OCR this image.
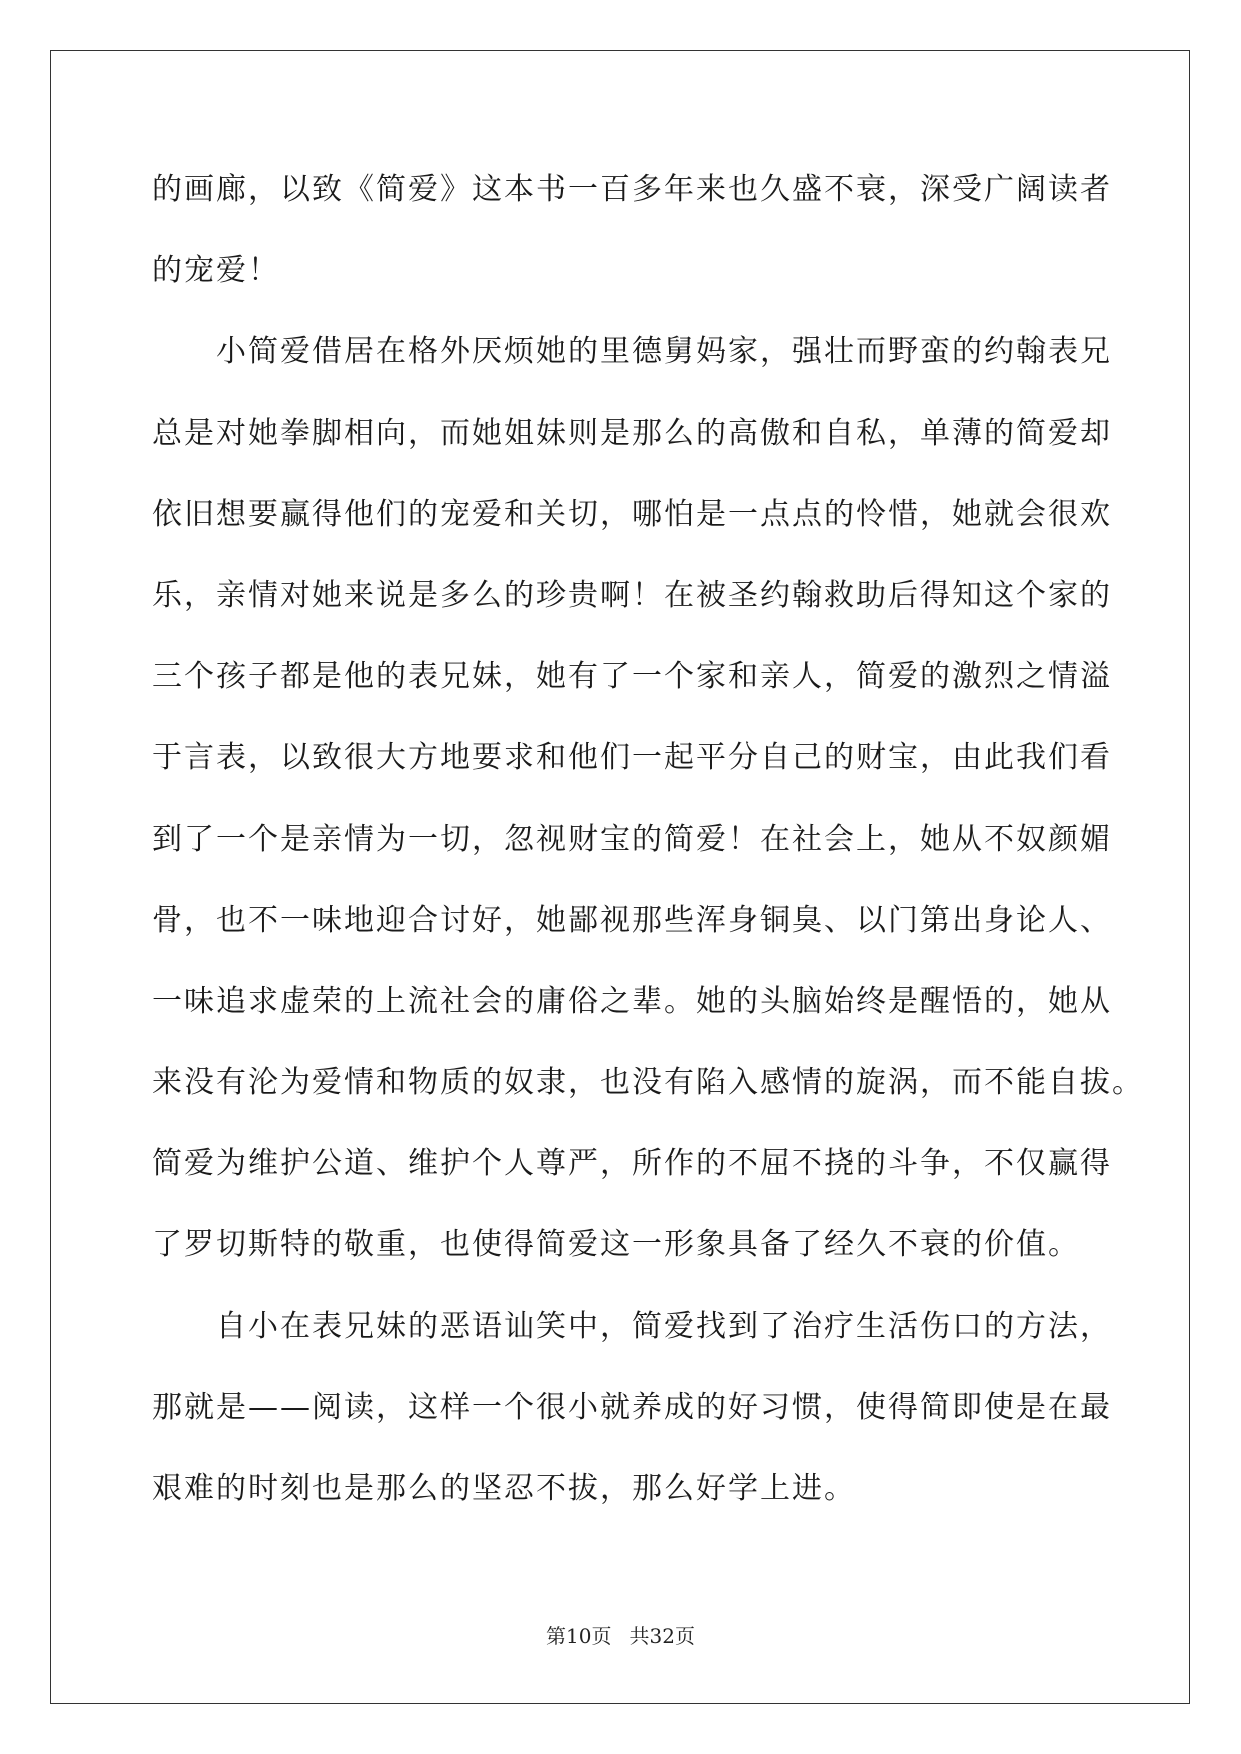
的画廊，以致《简爱》这本书一百多年来也久盛不衰，深受广阔读者
的宠爱！
　　小简爱借居在格外厌烦她的里德舅妈家，强壮而野蛮的约翰表兄
总是对她拳脚相向，而她姐妹则是那么的高傲和自私，单薄的简爱却
依旧想要赢得他们的宠爱和关切，哪怕是一点点的怜惜，她就会很欢
乐，亲情对她来说是多么的珍贵啊！在被圣约翰救助后得知这个家的
三个孩子都是他的表兄妹，她有了一个家和亲人，简爱的激烈之情溢
于言表，以致很大方地要求和他们一起平分自己的财宝，由此我们看
到了一个是亲情为一切，忽视财宝的简爱！在社会上，她从不奴颜媚
骨，也不一味地迎合讨好，她鄙视那些浑身铜臭、以门第出身论人、
一味追求虚荣的上流社会的庸俗之辈。她的头脑始终是醒悟的，她从
来没有沦为爱情和物质的奴隶，也没有陷入感情的旋涡，而不能自拔。
简爱为维护公道、维护个人尊严，所作的不屈不挠的斗争，不仅赢得
了罗切斯特的敬重，也使得简爱这一形象具备了经久不衰的价值。
　　自小在表兄妹的恶语讪笑中，简爱找到了治疗生活伤口的方法，
那就是——阅读，这样一个很小就养成的好习惯，使得简即使是在最
艰难的时刻也是那么的坚忍不拔，那么好学上进。
第10页 共32页
